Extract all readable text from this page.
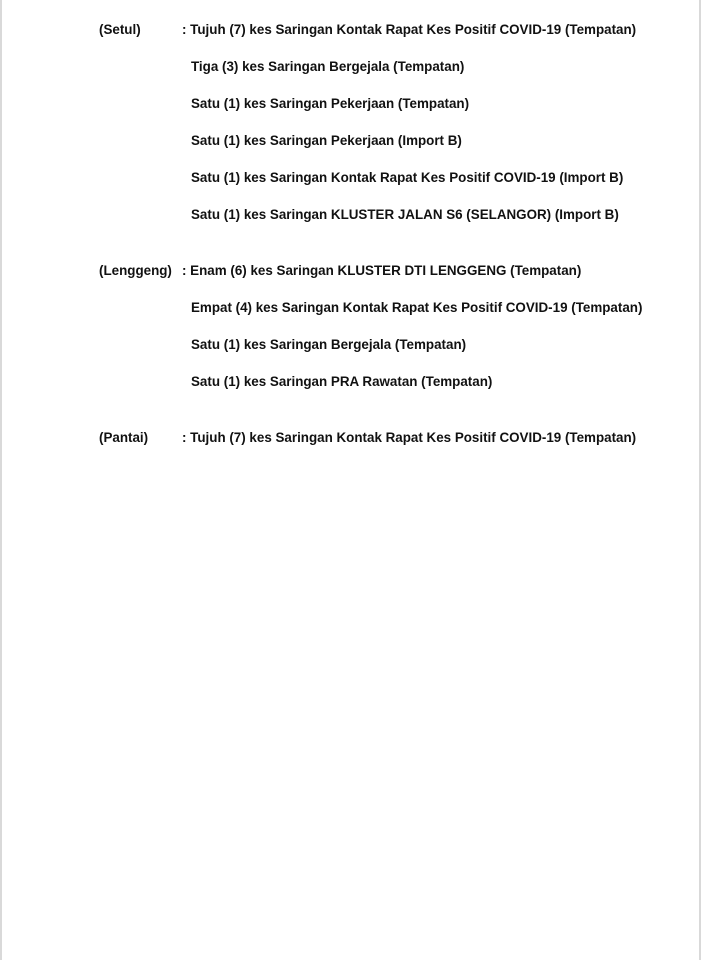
(Setul)	: Tujuh (7) kes Saringan Kontak Rapat Kes Positif COVID-19 (Tempatan)
Tiga (3) kes Saringan Bergejala (Tempatan)
Satu (1) kes Saringan Pekerjaan (Tempatan)
Satu (1) kes Saringan Pekerjaan (Import B)
Satu (1) kes Saringan Kontak Rapat Kes Positif COVID-19 (Import B)
Satu (1) kes Saringan KLUSTER JALAN S6 (SELANGOR) (Import B)
(Lenggeng) : Enam (6) kes Saringan KLUSTER DTI LENGGENG (Tempatan)
Empat (4) kes Saringan Kontak Rapat Kes Positif COVID-19 (Tempatan)
Satu (1) kes Saringan Bergejala (Tempatan)
Satu (1) kes Saringan PRA Rawatan (Tempatan)
(Pantai)	: Tujuh (7) kes Saringan Kontak Rapat Kes Positif COVID-19 (Tempatan)
